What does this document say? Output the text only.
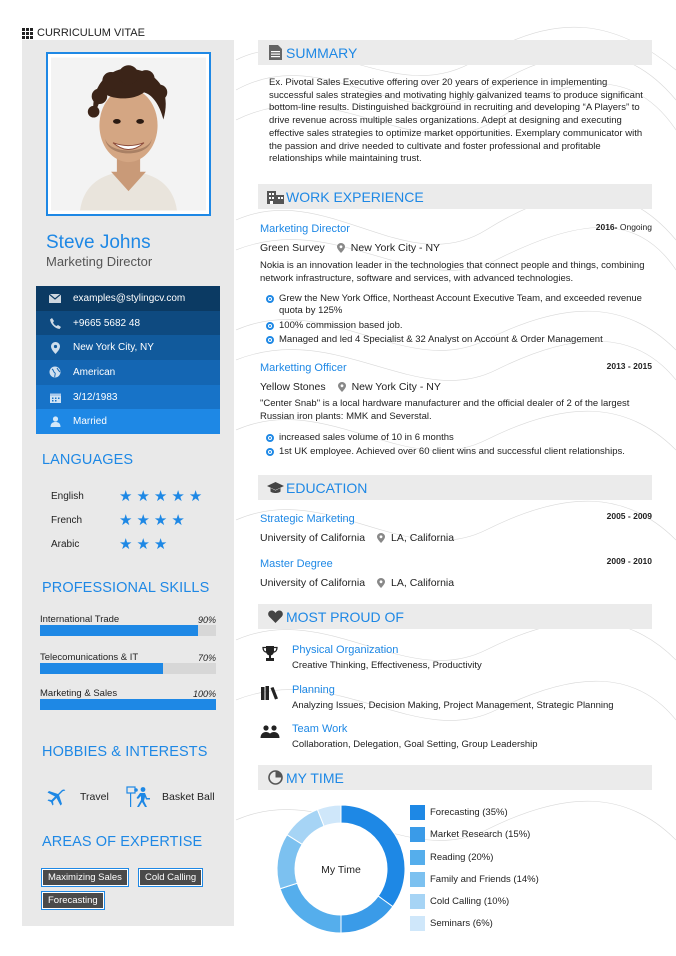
CURRICULUM VITAE
Steve Johns
Marketing Director
examples@stylingcv.com
+9665 5682 48
New York City, NY
American
3/12/1983
Married
LANGUAGES
English	★ ★ ★ ★ ★
French	★ ★ ★ ★
Arabic	★ ★ ★
PROFESSIONAL SKILLS
International Trade	90%
Telecomunications & IT	70%
Marketing & Sales	100%
HOBBIES & INTERESTS
Travel	Basket Ball
AREAS OF EXPERTISE
Maximizing Sales	Cold Calling
Forecasting
SUMMARY
Ex. Pivotal Sales Executive offering over 20 years of experience in implementing successful sales strategies and motivating highly galvanized teams to produce significant bottom-line results. Distinguished background in recruiting and developing “A Players” to drive revenue across multiple sales organizations. Adept at designing and executing effective sales strategies to optimize market opportunities. Exemplary communicator with the passion and drive needed to cultivate and foster professional and profitable relationships while maintaining trust.
WORK EXPERIENCE
Marketing Director	2016- Ongoing
Green Survey New York City - NY
Nokia is an innovation leader in the technologies that connect people and things, combining network infrastructure, software and services, with advanced technologies.
Grew the New York Office, Northeast Account Executive Team, and exceeded revenue quota by 125%
100% commission based job.
Managed and led 4 Specialist & 32 Analyst on Account & Order Management
Marketting Officer	2013 - 2015
Yellow Stones New York City - NY
"Center Snab" is a local hardware manufacturer and the official dealer of 2 of the largest Russian iron plants: MMK and Severstal.
increased sales volume of 10 in 6 months
1st UK employee. Achieved over 60 client wins and successful client relationships.
EDUCATION
Strategic Marketing	2005 - 2009
University of California LA, California
Master Degree	2009 - 2010
University of California LA, California
MOST PROUD OF
Physical Organization
Creative Thinking, Effectiveness, Productivity
Planning
Analyzing Issues, Decision Making, Project Management, Strategic Planning
Team Work
Collaboration, Delegation, Goal Setting, Group Leadership
MY TIME
My Time
Forecasting (35%)
Market Research (15%)
Reading (20%)
Family and Friends (14%)
Cold Calling (10%)
Seminars (6%)
